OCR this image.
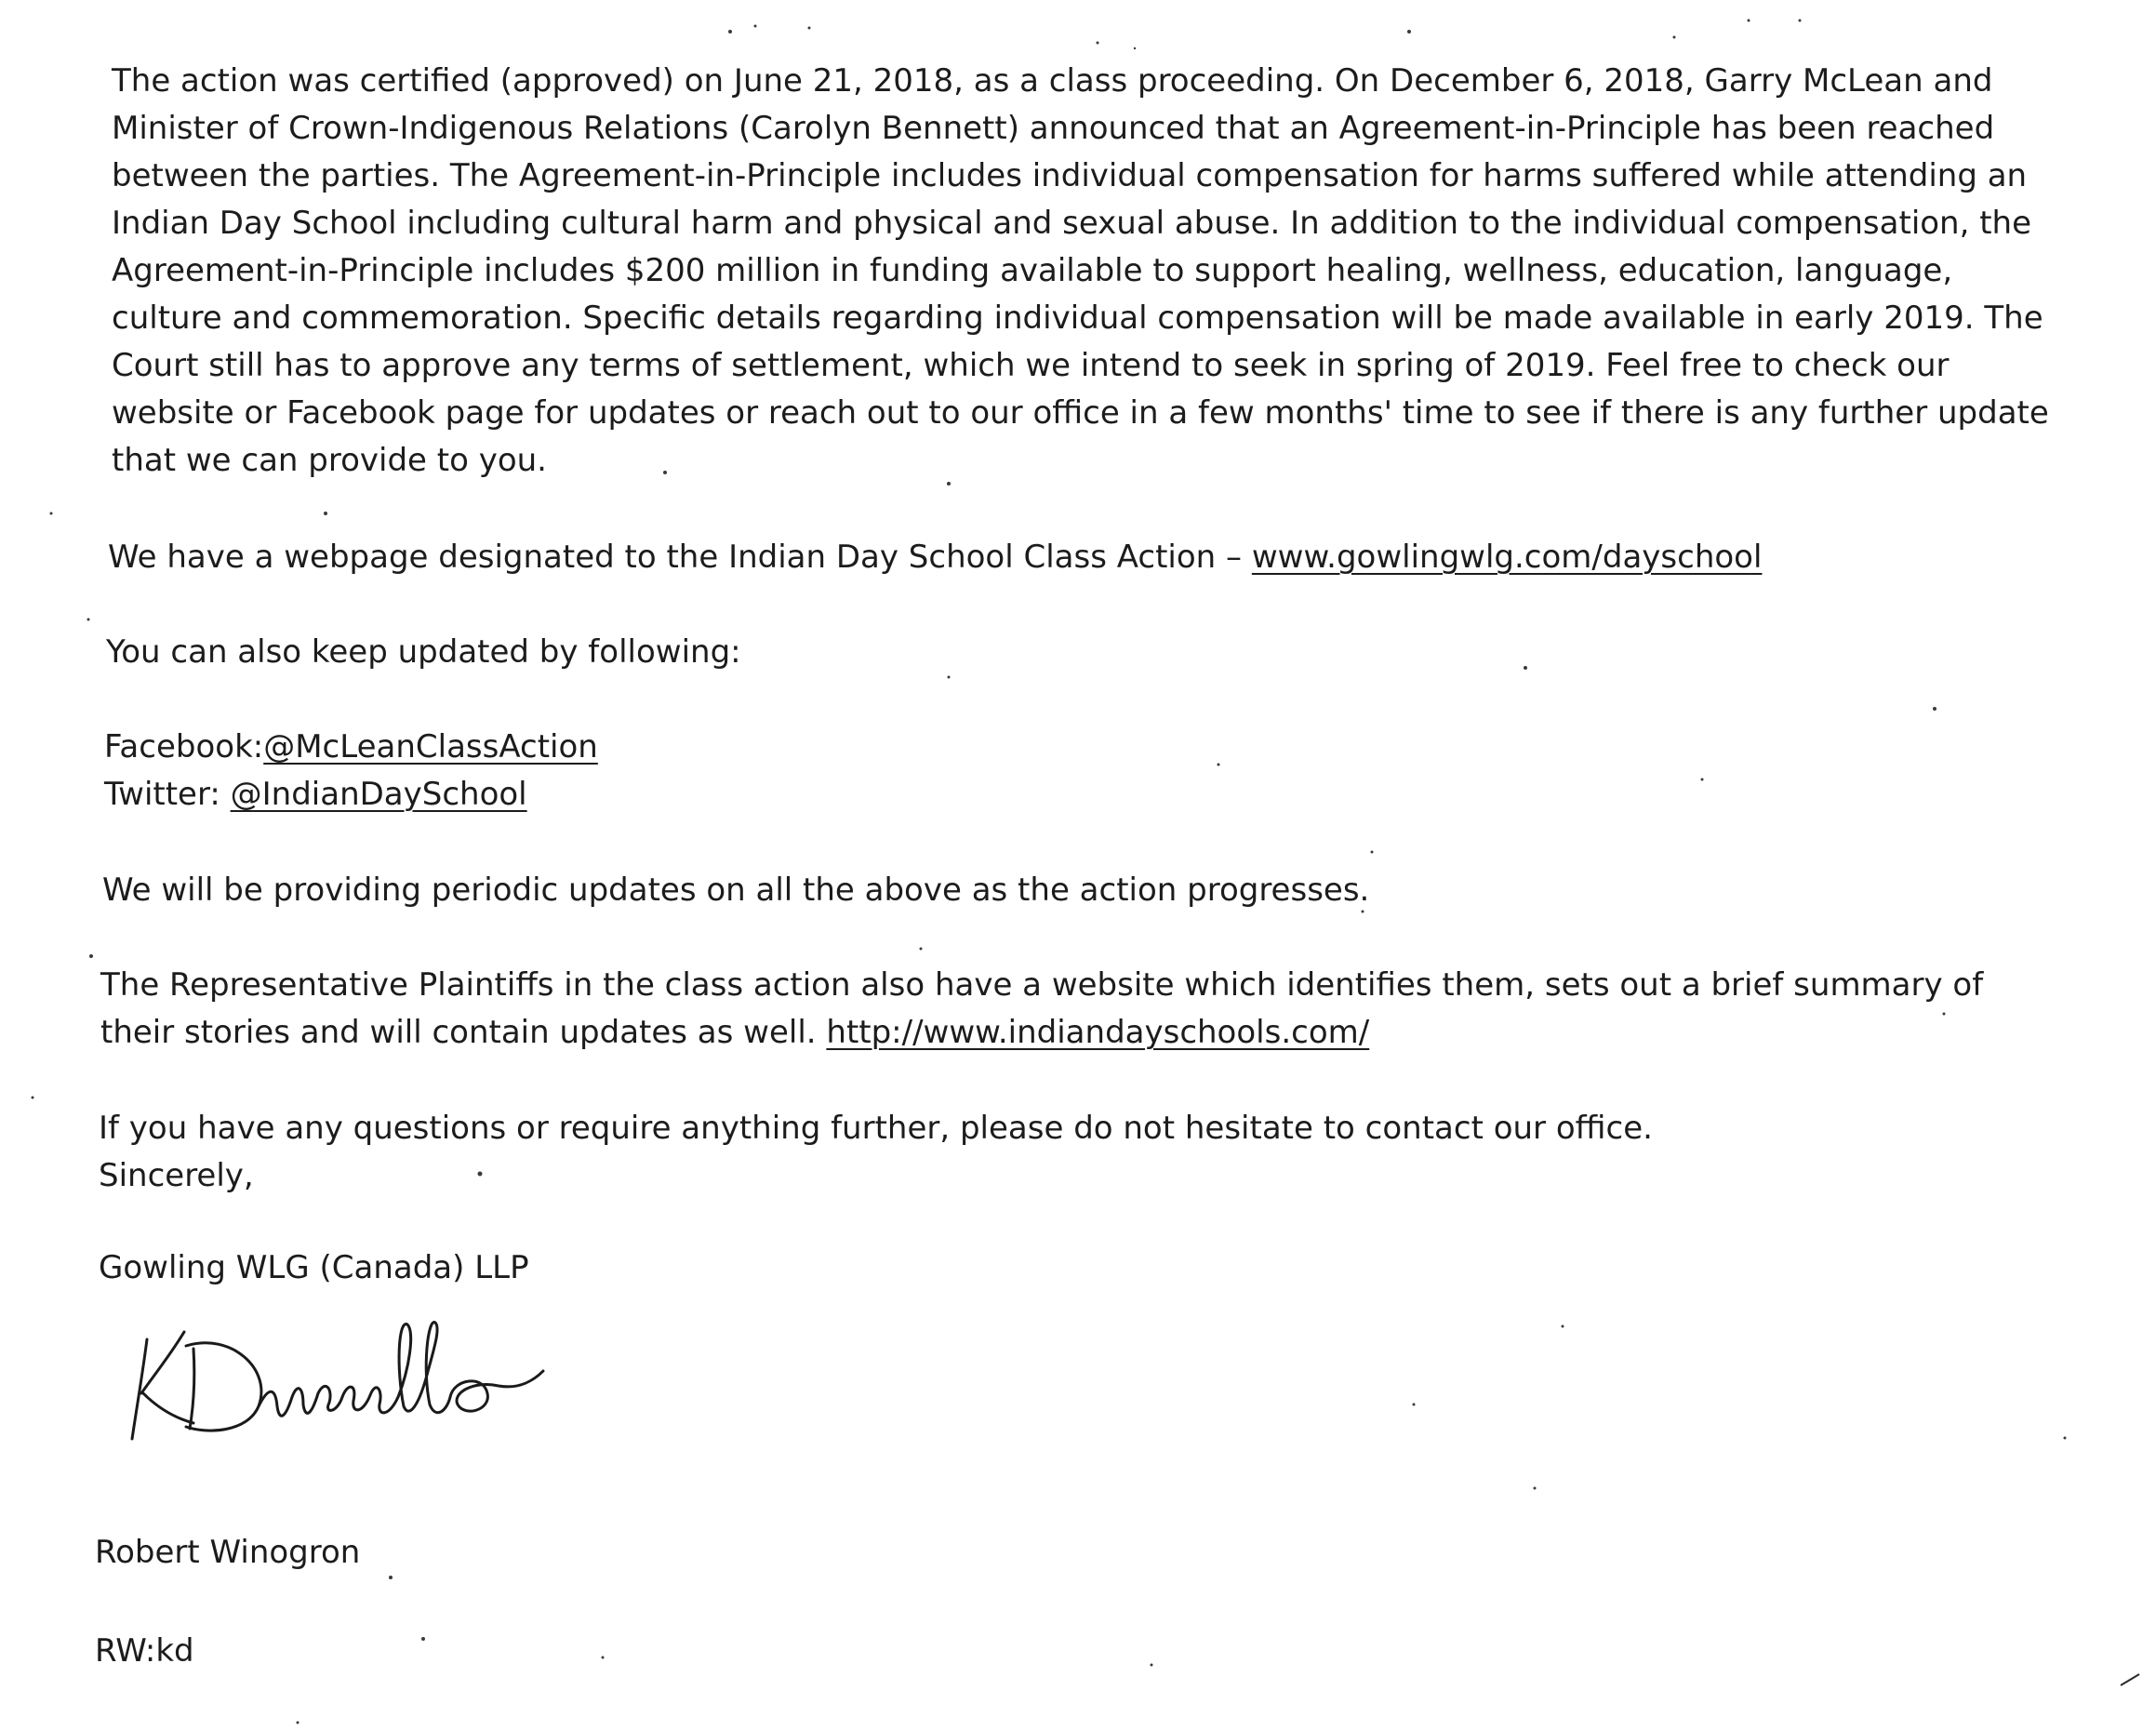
The action was certified (approved) on June 21, 2018, as a class proceeding. On December 6, 2018, Garry McLean and
Minister of Crown-Indigenous Relations (Carolyn Bennett) announced that an Agreement-in-Principle has been reached
between the parties. The Agreement-in-Principle includes individual compensation for harms suffered while attending an
Indian Day School including cultural harm and physical and sexual abuse. In addition to the individual compensation, the
Agreement-in-Principle includes $200 million in funding available to support healing, wellness, education, language,
culture and commemoration. Specific details regarding individual compensation will be made available in early 2019. The
Court still has to approve any terms of settlement, which we intend to seek in spring of 2019. Feel free to check our
website or Facebook page for updates or reach out to our office in a few months' time to see if there is any further update
that we can provide to you.
We have a webpage designated to the Indian Day School Class Action – www.gowlingwlg.com/dayschool
You can also keep updated by following:
Facebook:@McLeanClassAction
Twitter: @IndianDaySchool
We will be providing periodic updates on all the above as the action progresses.
The Representative Plaintiffs in the class action also have a website which identifies them, sets out a brief summary of
their stories and will contain updates as well. http://www.indiandayschools.com/
If you have any questions or require anything further, please do not hesitate to contact our office.
Sincerely,
Gowling WLG (Canada) LLP
Robert Winogron
RW:kd
